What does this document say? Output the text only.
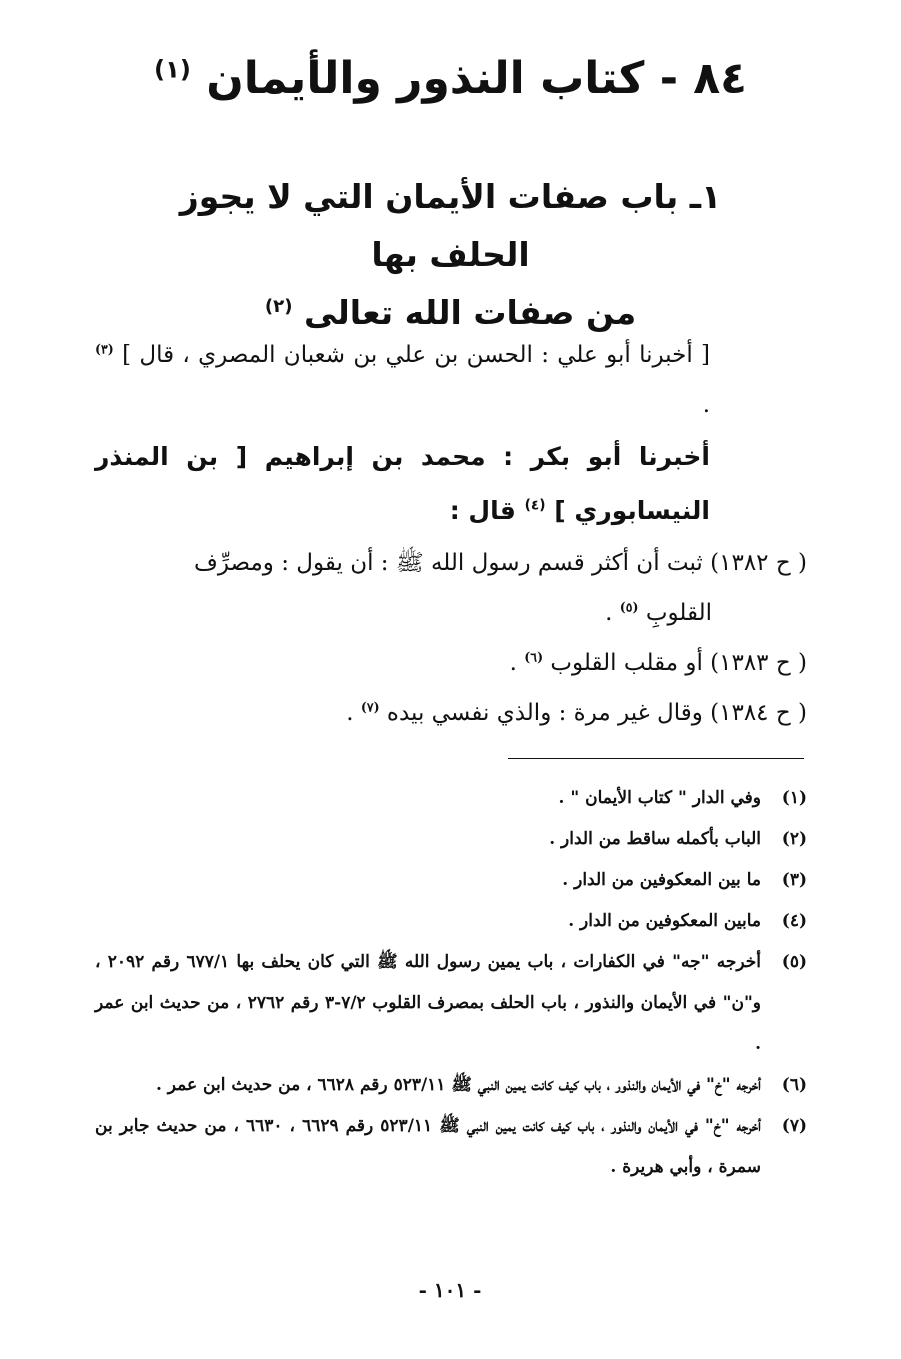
٨٤ - كتاب النذور والأيمان $^{(١)}$
١ـ باب صفات الأيمان التي لا يجوز الحلف بها
من صفات الله تعالى $^{(٢)}$
[ أخبرنا أبو علي : الحسن بن علي بن شعبان المصري ، قال ] $^{(٣)}$ .
أخبرنا أبو بكر : محمد بن إبراهيم [ بن المنذر النيسابوري ] $^{(٤)}$ قال :
( ح ١٣٨٢) ثبت أن أكثر قسم رسول الله ﷺ : أن يقول : ومصرِّف
القلوبِ $^{(٥)}$ .
( ح ١٣٨٣) أو مقلب القلوب $^{(٦)}$ .
( ح ١٣٨٤) وقال غير مرة : والذي نفسي بيده $^{(٧)}$ .
(١)
وفي الدار " كتاب الأيمان " .
(٢)
الباب بأكمله ساقط من الدار .
(٣)
ما بين المعكوفين من الدار .
(٤)
مابين المعكوفين من الدار .
(٥)
أخرجه "جه" في الكفارات ، باب يمين رسول الله ﷺ التي كان يحلف بها ٦٧٧/١ رقم ٢٠٩٢ ، و"ن" في الأيمان والنذور ، باب الحلف بمصرف القلوب ٧/٢-٣ رقم ٢٧٦٢ ، من حديث ابن عمر .
(٦)
أخرجه "خ" في الأيمان والنذور ، باب كيف كانت يمين النبي ﷺ ٥٢٣/١١ رقم ٦٦٢٨ ، من حديث ابن عمر .
(٧)
أخرجه "خ" في الأيمان والنذور ، باب كيف كانت يمين النبي ﷺ ٥٢٣/١١ رقم ٦٦٢٩ ، ٦٦٣٠ ، من حديث جابر بن سمرة ، وأبي هريرة .
- ١٠١ -
